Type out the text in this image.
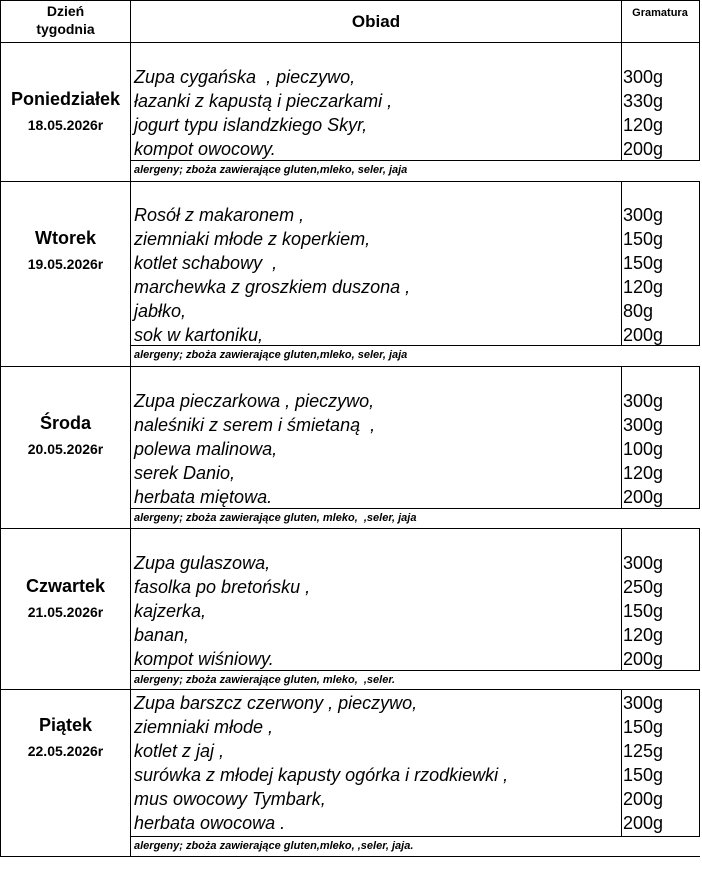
Dzień
tygodnia	Obiad	Gramatura
Poniedziałek
18.05.2026r
Zupa cygańska  , pieczywo,	300g
łazanki z kapustą i pieczarkami ,	330g
jogurt typu islandzkiego Skyr,	120g
kompot owocowy.	200g
alergeny; zboża zawierające gluten,mleko, seler, jaja
Wtorek
19.05.2026r
Rosół z makaronem ,	300g
ziemniaki młode z koperkiem,	150g
kotlet schabowy  ,	150g
marchewka z groszkiem duszona ,	120g
jabłko,	80g
sok w kartoniku,	200g
alergeny; zboża zawierające gluten,mleko, seler, jaja
Środa
20.05.2026r
Zupa pieczarkowa , pieczywo,	300g
naleśniki z serem i śmietaną  ,	300g
polewa malinowa,	100g
serek Danio,	120g
herbata miętowa.	200g
alergeny; zboża zawierające gluten, mleko,  ,seler, jaja
Czwartek
21.05.2026r
Zupa gulaszowa,	300g
fasolka po bretońsku ,	250g
kajzerka,	150g
banan,	120g
kompot wiśniowy.	200g
alergeny; zboża zawierające gluten, mleko,  ,seler.
Piątek
22.05.2026r
Zupa barszcz czerwony , pieczywo,	300g
ziemniaki młode ,	150g
kotlet z jaj ,	125g
surówka z młodej kapusty ogórka i rzodkiewki ,	150g
mus owocowy Tymbark,	200g
herbata owocowa .	200g
alergeny; zboża zawierające gluten,mleko, ,seler, jaja.
